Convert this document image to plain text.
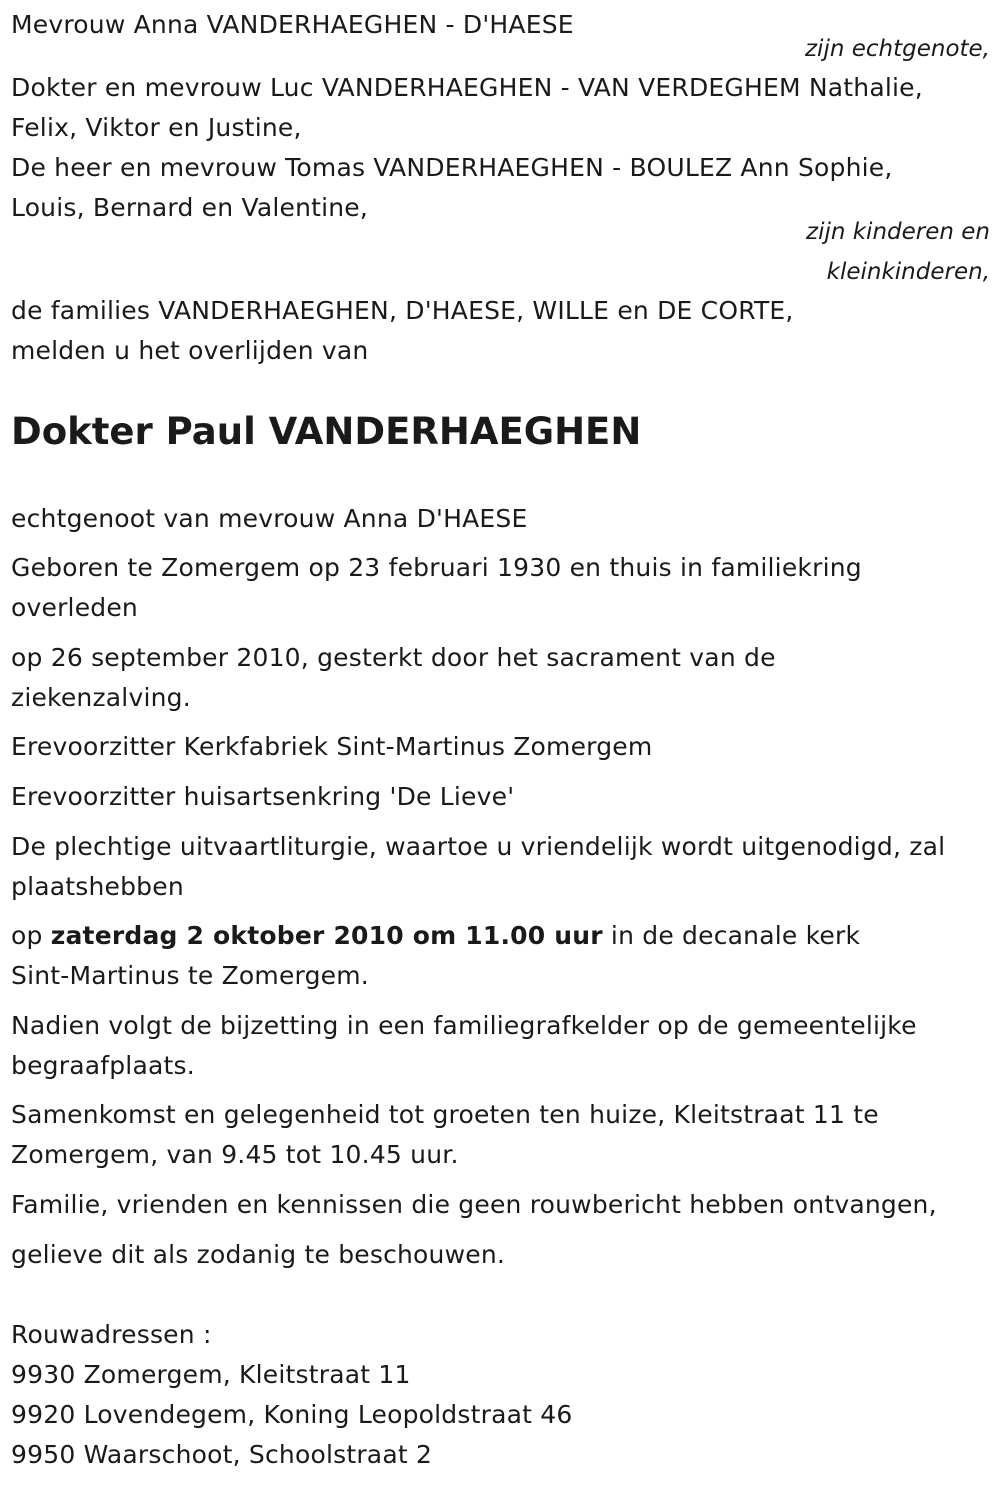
Mevrouw Anna VANDERHAEGHEN - D'HAESE
zijn echtgenote,
Dokter en mevrouw Luc VANDERHAEGHEN - VAN VERDEGHEM Nathalie,
Felix, Viktor en Justine,
De heer en mevrouw Tomas VANDERHAEGHEN - BOULEZ Ann Sophie,
Louis, Bernard en Valentine,
zijn kinderen en
kleinkinderen,
de families VANDERHAEGHEN, D'HAESE, WILLE en DE CORTE,
melden u het overlijden van
Dokter Paul VANDERHAEGHEN
echtgenoot van mevrouw Anna D'HAESE
Geboren te Zomergem op 23 februari 1930 en thuis in familiekring
overleden
op 26 september 2010, gesterkt door het sacrament van de
ziekenzalving.
Erevoorzitter Kerkfabriek Sint-Martinus Zomergem
Erevoorzitter huisartsenkring 'De Lieve'
De plechtige uitvaartliturgie, waartoe u vriendelijk wordt uitgenodigd, zal
plaatshebben
op zaterdag 2 oktober 2010 om 11.00 uur in de decanale kerk
Sint-Martinus te Zomergem.
Nadien volgt de bijzetting in een familiegrafkelder op de gemeentelijke
begraafplaats.
Samenkomst en gelegenheid tot groeten ten huize, Kleitstraat 11 te
Zomergem, van 9.45 tot 10.45 uur.
Familie, vrienden en kennissen die geen rouwbericht hebben ontvangen,
gelieve dit als zodanig te beschouwen.
Rouwadressen :
9930 Zomergem, Kleitstraat 11
9920 Lovendegem, Koning Leopoldstraat 46
9950 Waarschoot, Schoolstraat 2
